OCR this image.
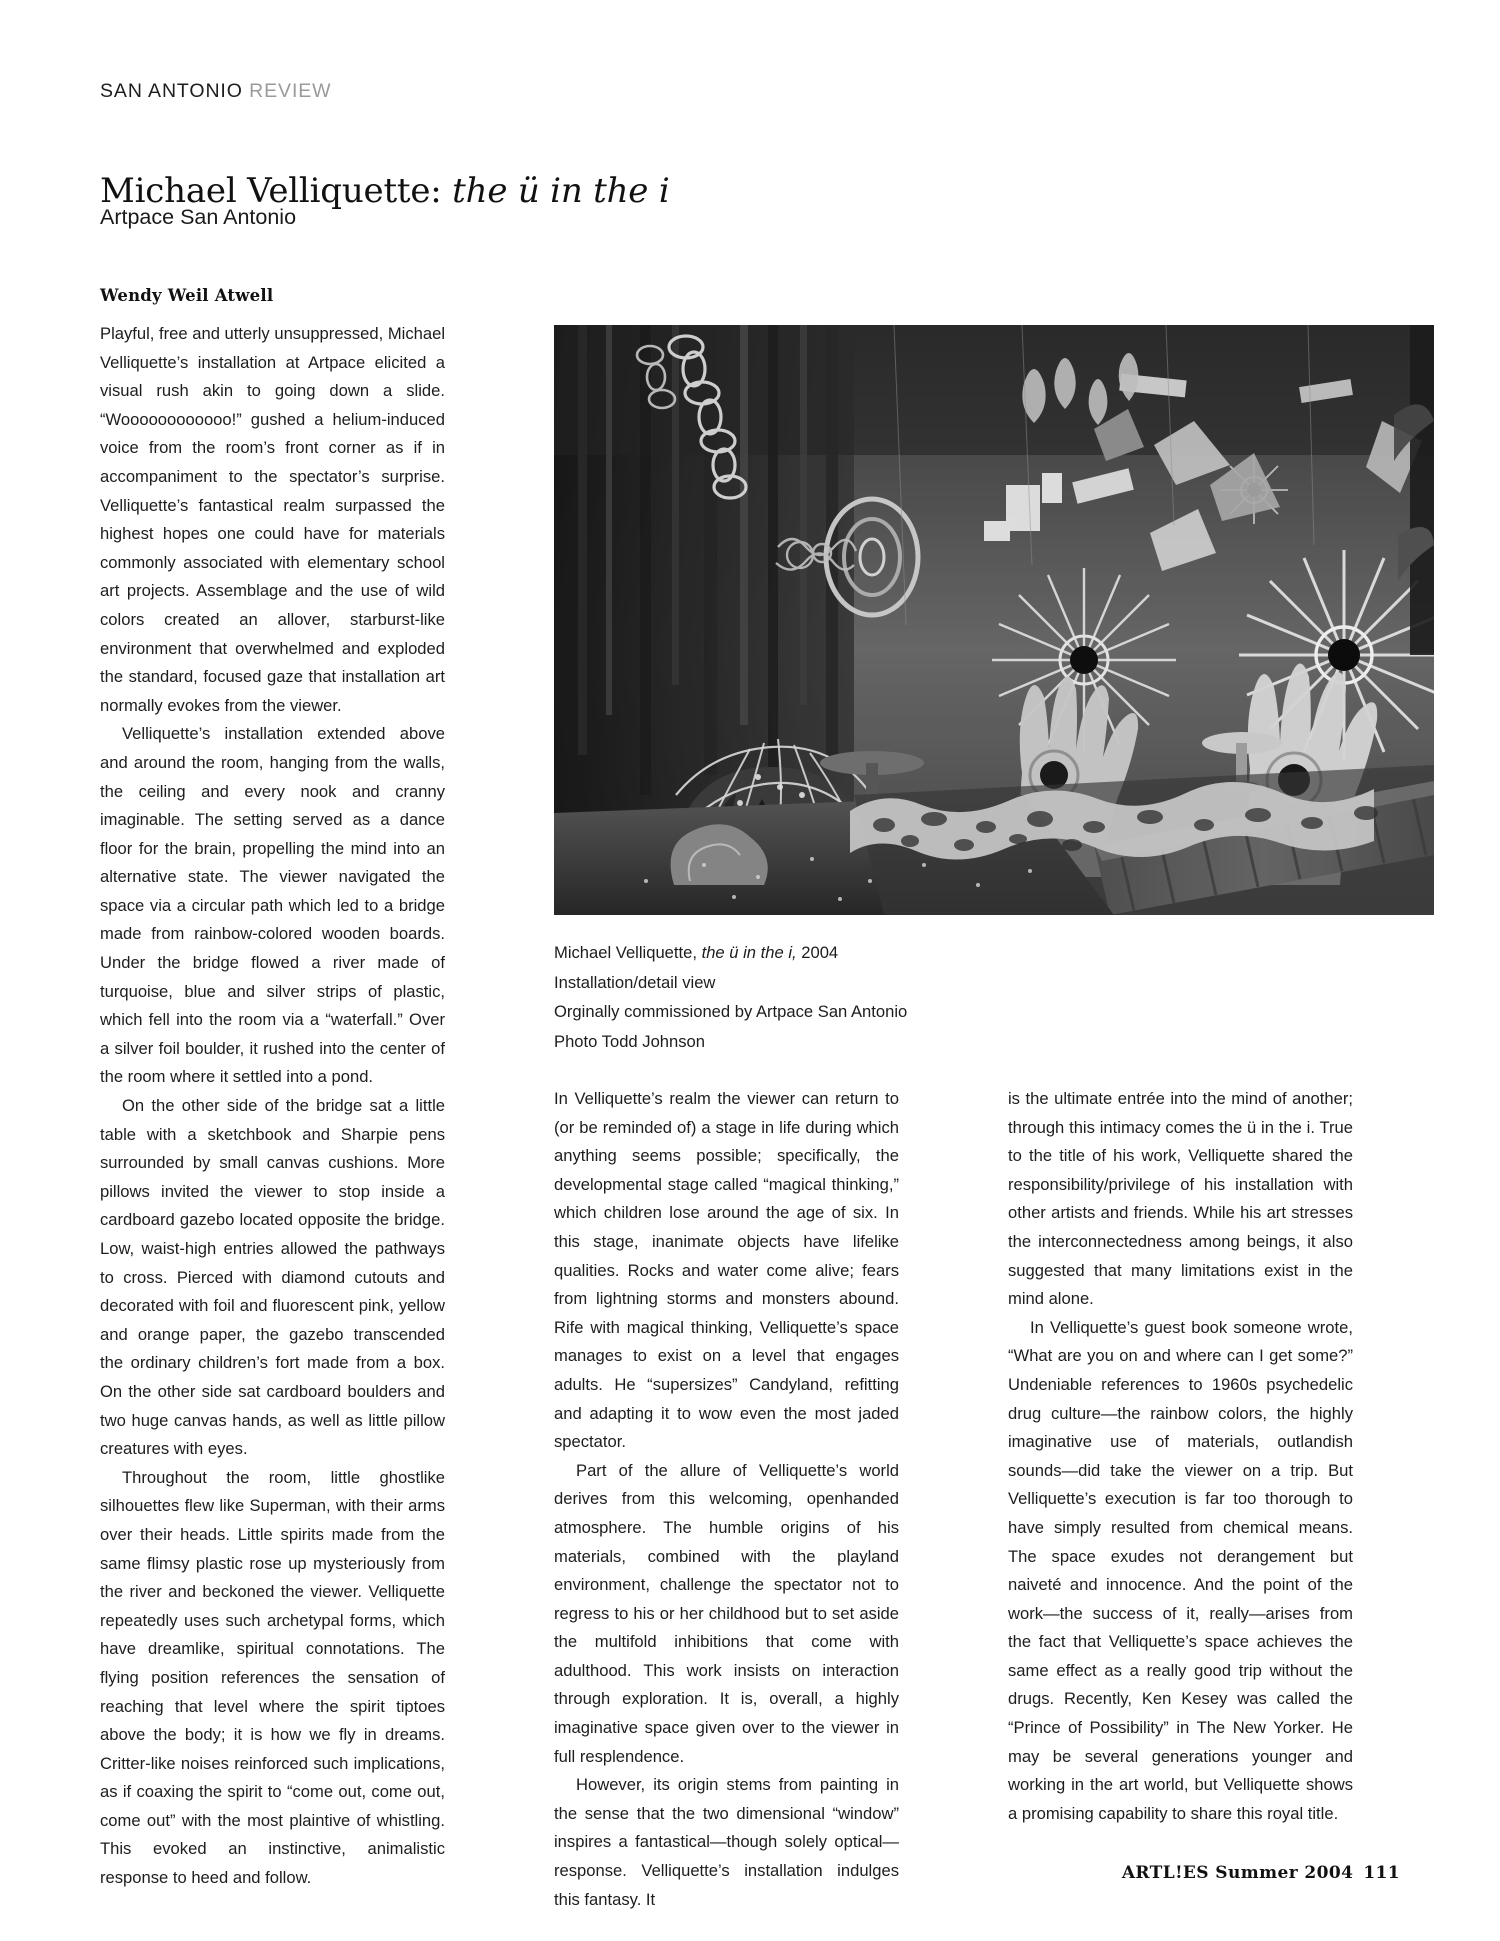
SAN ANTONIO REVIEW
Michael Velliquette: the ü in the i
Artpace San Antonio
Wendy Weil Atwell
Michael Velliquette, the ü in the i, 2004
Installation/detail view
Orginally commissioned by Artpace San Antonio
Photo Todd Johnson

Playful, free and utterly unsuppressed, Michael Velliquette’s installation at Artpace elicited a visual rush akin to going down a slide. “Woooooooooooo!” gushed a helium-induced voice from the room’s front corner as if in accompaniment to the spectator’s surprise. Velliquette’s fantastical realm surpassed the highest hopes one could have for materials commonly associated with elementary school art projects. Assemblage and the use of wild colors created an allover, starburst-like environment that overwhelmed and exploded the standard, focused gaze that installation art normally evokes from the viewer.

Velliquette’s installation extended above and around the room, hanging from the walls, the ceiling and every nook and cranny imaginable. The setting served as a dance floor for the brain, propelling the mind into an alternative state. The viewer navigated the space via a circular path which led to a bridge made from rainbow-colored wooden boards. Under the bridge flowed a river made of turquoise, blue and silver strips of plastic, which fell into the room via a “waterfall.” Over a silver foil boulder, it rushed into the center of the room where it settled into a pond.

On the other side of the bridge sat a little table with a sketchbook and Sharpie pens surrounded by small canvas cushions. More pillows invited the viewer to stop inside a cardboard gazebo located opposite the bridge. Low, waist-high entries allowed the pathways to cross. Pierced with diamond cutouts and decorated with foil and fluorescent pink, yellow and orange paper, the gazebo transcended the ordinary children’s fort made from a box. On the other side sat cardboard boulders and two huge canvas hands, as well as little pillow creatures with eyes.

Throughout the room, little ghostlike silhouettes flew like Superman, with their arms over their heads. Little spirits made from the same flimsy plastic rose up mysteriously from the river and beckoned the viewer. Velliquette repeatedly uses such archetypal forms, which have dreamlike, spiritual connotations. The flying position references the sensation of reaching that level where the spirit tiptoes above the body; it is how we fly in dreams. Critter-like noises reinforced such implications, as if coaxing the spirit to “come out, come out, come out” with the most plaintive of whistling. This evoked an instinctive, animalistic response to heed and follow.

In Velliquette’s realm the viewer can return to (or be reminded of) a stage in life during which anything seems possible; specifically, the developmental stage called “magical thinking,” which children lose around the age of six. In this stage, inanimate objects have lifelike qualities. Rocks and water come alive; fears from lightning storms and monsters abound. Rife with magical thinking, Velliquette’s space manages to exist on a level that engages adults. He “supersizes” Candyland, refitting and adapting it to wow even the most jaded spectator.

Part of the allure of Velliquette’s world derives from this welcoming, openhanded atmosphere. The humble origins of his materials, combined with the playland environment, challenge the spectator not to regress to his or her childhood but to set aside the multifold inhibitions that come with adulthood. This work insists on interaction through exploration. It is, overall, a highly imaginative space given over to the viewer in full resplendence.

However, its origin stems from painting in the sense that the two dimensional “window” inspires a fantastical—though solely optical—response. Velliquette’s installation indulges this fantasy. It

is the ultimate entrée into the mind of another; through this intimacy comes the ü in the i. True to the title of his work, Velliquette shared the responsibility/privilege of his installation with other artists and friends. While his art stresses the interconnectedness among beings, it also suggested that many limitations exist in the mind alone.

In Velliquette’s guest book someone wrote, “What are you on and where can I get some?” Undeniable references to 1960s psychedelic drug culture—the rainbow colors, the highly imaginative use of materials, outlandish sounds—did take the viewer on a trip. But Velliquette’s execution is far too thorough to have simply resulted from chemical means. The space exudes not derangement but naiveté and innocence. And the point of the work—the success of it, really—arises from the fact that Velliquette’s space achieves the same effect as a really good trip without the drugs. Recently, Ken Kesey was called the “Prince of Possibility” in The New Yorker. He may be several generations younger and working in the art world, but Velliquette shows a promising capability to share this royal title.

ARTL!ES Summer 2004 111
